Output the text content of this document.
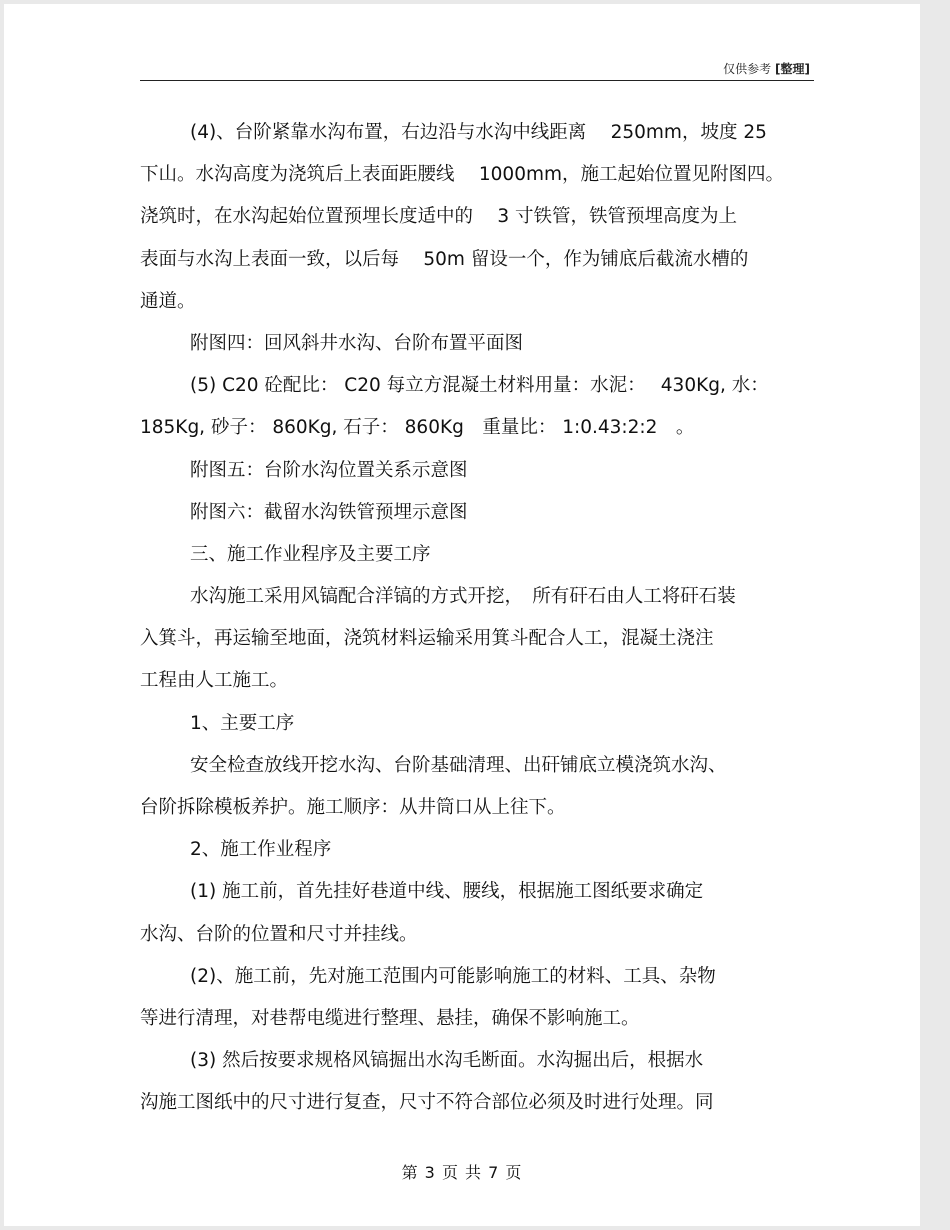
仅供参考 [整理]
(4)、台阶紧靠水沟布置，右边沿与水沟中线距离　 250mm，坡度 25
下山。水沟高度为浇筑后上表面距腰线　 1000mm，施工起始位置见附图四。
浇筑时，在水沟起始位置预埋长度适中的　 3 寸铁管，铁管预埋高度为上
表面与水沟上表面一致，以后每　 50m 留设一个，作为铺底后截流水槽的
通道。
附图四：回风斜井水沟、台阶布置平面图
(5) C20 砼配比： C20 每立方混凝土材料用量：水泥：　 430Kg, 水：
185Kg, 砂子： 860Kg, 石子： 860Kg　重量比： 1:0.43:2:2　。
附图五：台阶水沟位置关系示意图
附图六：截留水沟铁管预埋示意图
三、施工作业程序及主要工序
水沟施工采用风镐配合洋镐的方式开挖，　所有矸石由人工将矸石装
入箕斗，再运输至地面，浇筑材料运输采用箕斗配合人工，混凝土浇注
工程由人工施工。
1、主要工序
安全检查放线开挖水沟、台阶基础清理、出矸铺底立模浇筑水沟、
台阶拆除模板养护。施工顺序：从井筒口从上往下。
2、施工作业程序
(1) 施工前，首先挂好巷道中线、腰线，根据施工图纸要求确定
水沟、台阶的位置和尺寸并挂线。
(2)、施工前，先对施工范围内可能影响施工的材料、工具、杂物
等进行清理，对巷帮电缆进行整理、悬挂，确保不影响施工。
(3) 然后按要求规格风镐掘出水沟毛断面。水沟掘出后，根据水
沟施工图纸中的尺寸进行复查，尺寸不符合部位必须及时进行处理。同
第 3 页 共 7 页
